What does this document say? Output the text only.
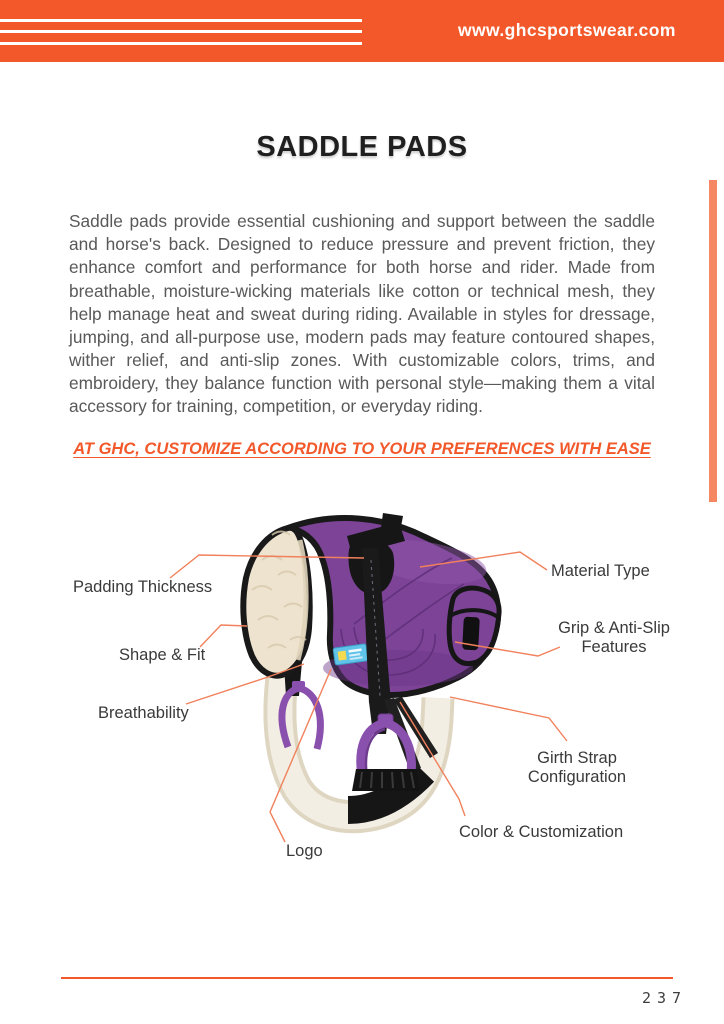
www.ghcsportswear.com
SADDLE PADS

Saddle pads provide essential cushioning and support between the saddle and horse's back. Designed to reduce pressure and prevent friction, they enhance comfort and performance for both horse and rider. Made from breathable, moisture-wicking materials like cotton or technical mesh, they help manage heat and sweat during riding. Available in styles for dressage, jumping, and all-purpose use, modern pads may feature contoured shapes, wither relief, and anti-slip zones. With customizable colors, trims, and embroidery, they balance function with personal style—making them a vital accessory for training, competition, or everyday riding.

AT GHC, CUSTOMIZE ACCORDING TO YOUR PREFERENCES WITH EASE
Padding Thickness
Shape & Fit
Breathability
Material Type
Grip & Anti-Slip Features
Girth Strap Configuration
Color & Customization
Logo
237
